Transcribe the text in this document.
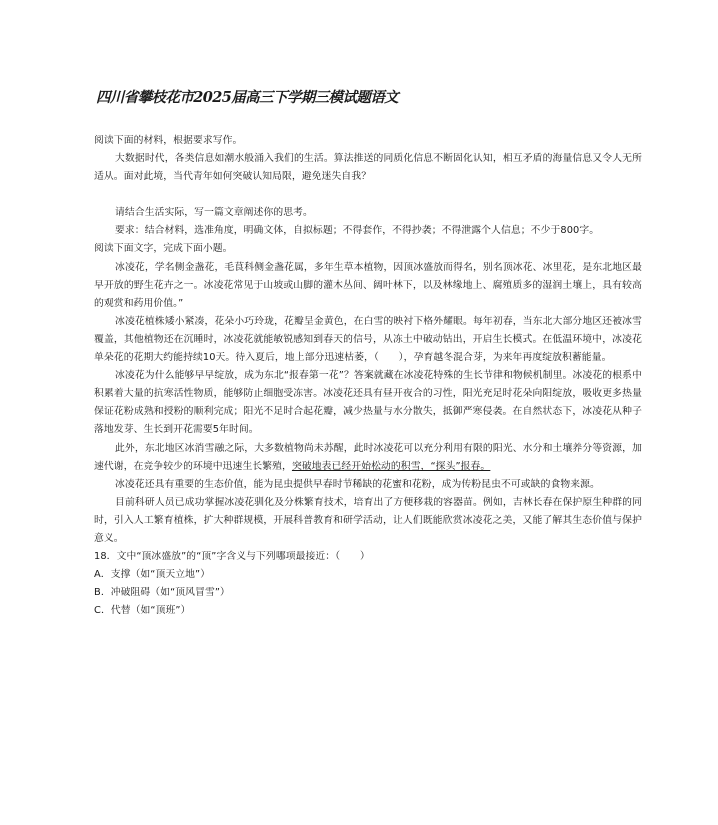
四川省攀枝花市2025届高三下学期三模试题语文

阅读下面的材料，根据要求写作。

大数据时代，各类信息如潮水般涌入我们的生活。算法推送的同质化信息不断固化认知，相互矛盾的海量信息又令人无所适从。面对此境，当代青年如何突破认知局限，避免迷失自我？

请结合生活实际，写一篇文章阐述你的思考。

要求：结合材料，选准角度，明确文体，自拟标题；不得套作，不得抄袭；不得泄露个人信息；不少于800字。

阅读下面文字，完成下面小题。

冰凌花，学名侧金盏花，毛茛科侧金盏花属，多年生草本植物，因顶冰盛放而得名，别名顶冰花、冰里花，是东北地区最早开放的野生花卉之一。冰凌花常见于山坡或山脚的灌木丛间、阔叶林下，以及林缘地上、腐殖质多的湿润土壤上，具有较高的观赏和药用价值。”

冰凌花植株矮小紧凑，花朵小巧玲珑，花瓣呈金黄色，在白雪的映衬下格外耀眼。每年初春，当东北大部分地区还被冰雪覆盖，其他植物还在沉睡时，冰凌花就能敏锐感知到春天的信号，从冻土中破动钻出，开启生长模式。在低温环境中，冰凌花单朵花的花期大约能持续10天。待入夏后，地上部分迅速枯萎，（　　），孕育越冬混合芽，为来年再度绽放积蓄能量。

冰凌花为什么能够早早绽放，成为东北“报春第一花”？答案就藏在冰凌花特殊的生长节律和物候机制里。冰凌花的根系中积累着大量的抗寒活性物质，能够防止细胞受冻害。冰凌花还具有昼开夜合的习性，阳光充足时花朵向阳绽放，吸收更多热量保证花粉成熟和授粉的顺利完成；阳光不足时合起花瓣，减少热量与水分散失，抵御严寒侵袭。在自然状态下，冰凌花从种子落地发芽、生长到开花需要5年时间。

此外，东北地区冰消雪融之际，大多数植物尚未苏醒，此时冰凌花可以充分利用有限的阳光、水分和土壤养分等资源，加速代谢，在竞争较少的环境中迅速生长繁殖，突破地表已经开始松动的积雪，“探头”报春。

冰凌花还具有重要的生态价值，能为昆虫提供早春时节稀缺的花蜜和花粉，成为传粉昆虫不可或缺的食物来源。

目前科研人员已成功掌握冰凌花驯化及分株繁育技术，培育出了方便移栽的容器苗。例如，吉林长春在保护原生种群的同时，引入人工繁育植株，扩大种群规模，开展科普教育和研学活动，让人们既能欣赏冰凌花之美，又能了解其生态价值与保护意义。

18．文中“顶冰盛放”的“顶”字含义与下列哪项最接近：（　　）

A．支撑（如“顶天立地”）

B．冲破阻碍（如“顶风冒雪”）

C．代替（如“顶班”）
